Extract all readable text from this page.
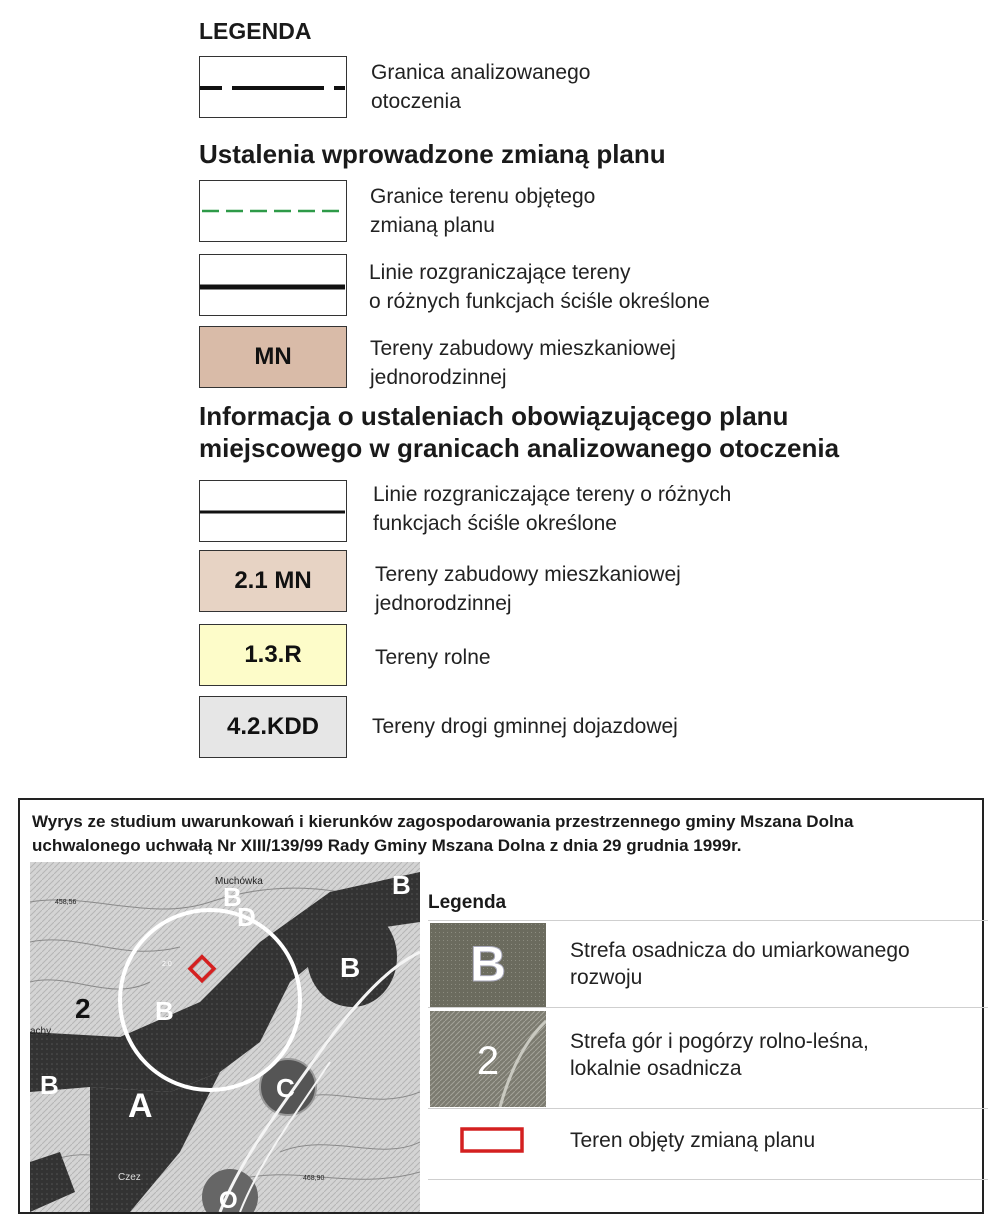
LEGENDA
Granica analizowanego
otoczenia
Ustalenia wprowadzone zmianą planu
Granice terenu objętego
zmianą planu
Linie rozgraniczające tereny
o różnych funkcjach ściśle określone
MN	Tereny zabudowy mieszkaniowej
jednorodzinnej
Informacja o ustaleniach obowiązującego planu
miejscowego w granicach analizowanego otoczenia
Linie rozgraniczające tereny o różnych
funkcjach ściśle określone
2.1 MN	Tereny zabudowy mieszkaniowej
jednorodzinnej
1.3.R	Tereny rolne
4.2.KDD	Tereny drogi gminnej dojazdowej
Wyrys ze studium uwarunkowań i kierunków zagospodarowania przestrzennego gminy Mszana Dolna
uchwalonego uchwałą Nr XIII/139/99 Rady Gminy Mszana Dolna z dnia 29 grudnia 1999r.
B
D
B
B
B
B
A	C
O
2
Muchówka
Czez
achy
458,56
468,90
2.0
Legenda
B	Strefa osadnicza do umiarkowanego
rozwoju
2	Strefa gór i pogórzy rolno-leśna,
lokalnie osadnicza
Teren objęty zmianą planu
